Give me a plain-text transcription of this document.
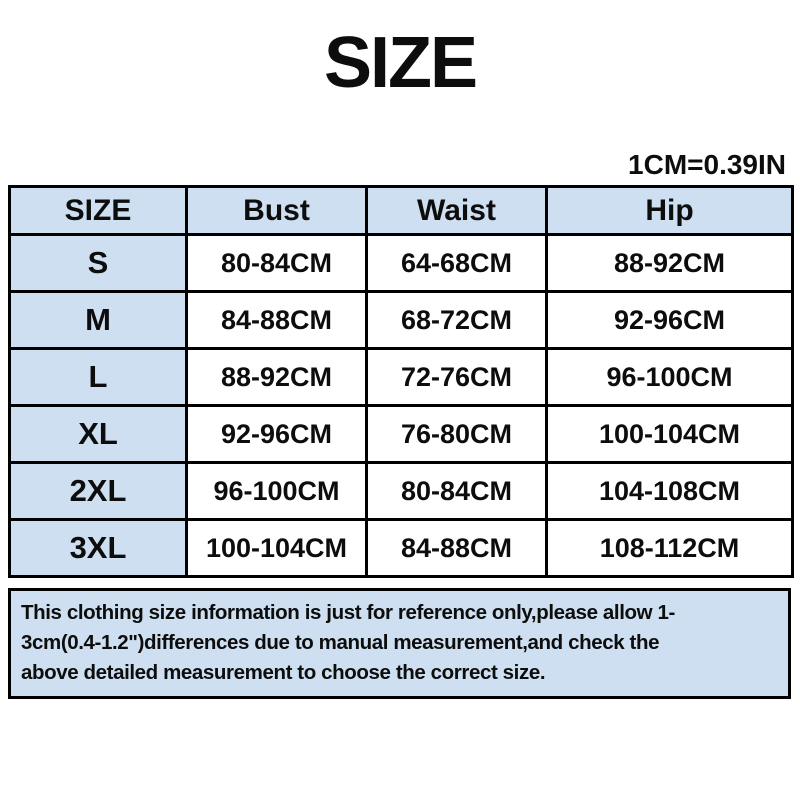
SIZE
1CM=0.39IN
SIZE	Bust	Waist	Hip
S	80-84CM	64-68CM	88-92CM
M	84-88CM	68-72CM	92-96CM
L	88-92CM	72-76CM	96-100CM
XL	92-96CM	76-80CM	100-104CM
2XL	96-100CM	80-84CM	104-108CM
3XL	100-104CM	84-88CM	108-112CM
This clothing size information is just for reference only,please allow 1-
3cm(0.4-1.2")differences due to manual measurement,and check the
above detailed measurement to choose the correct size.
